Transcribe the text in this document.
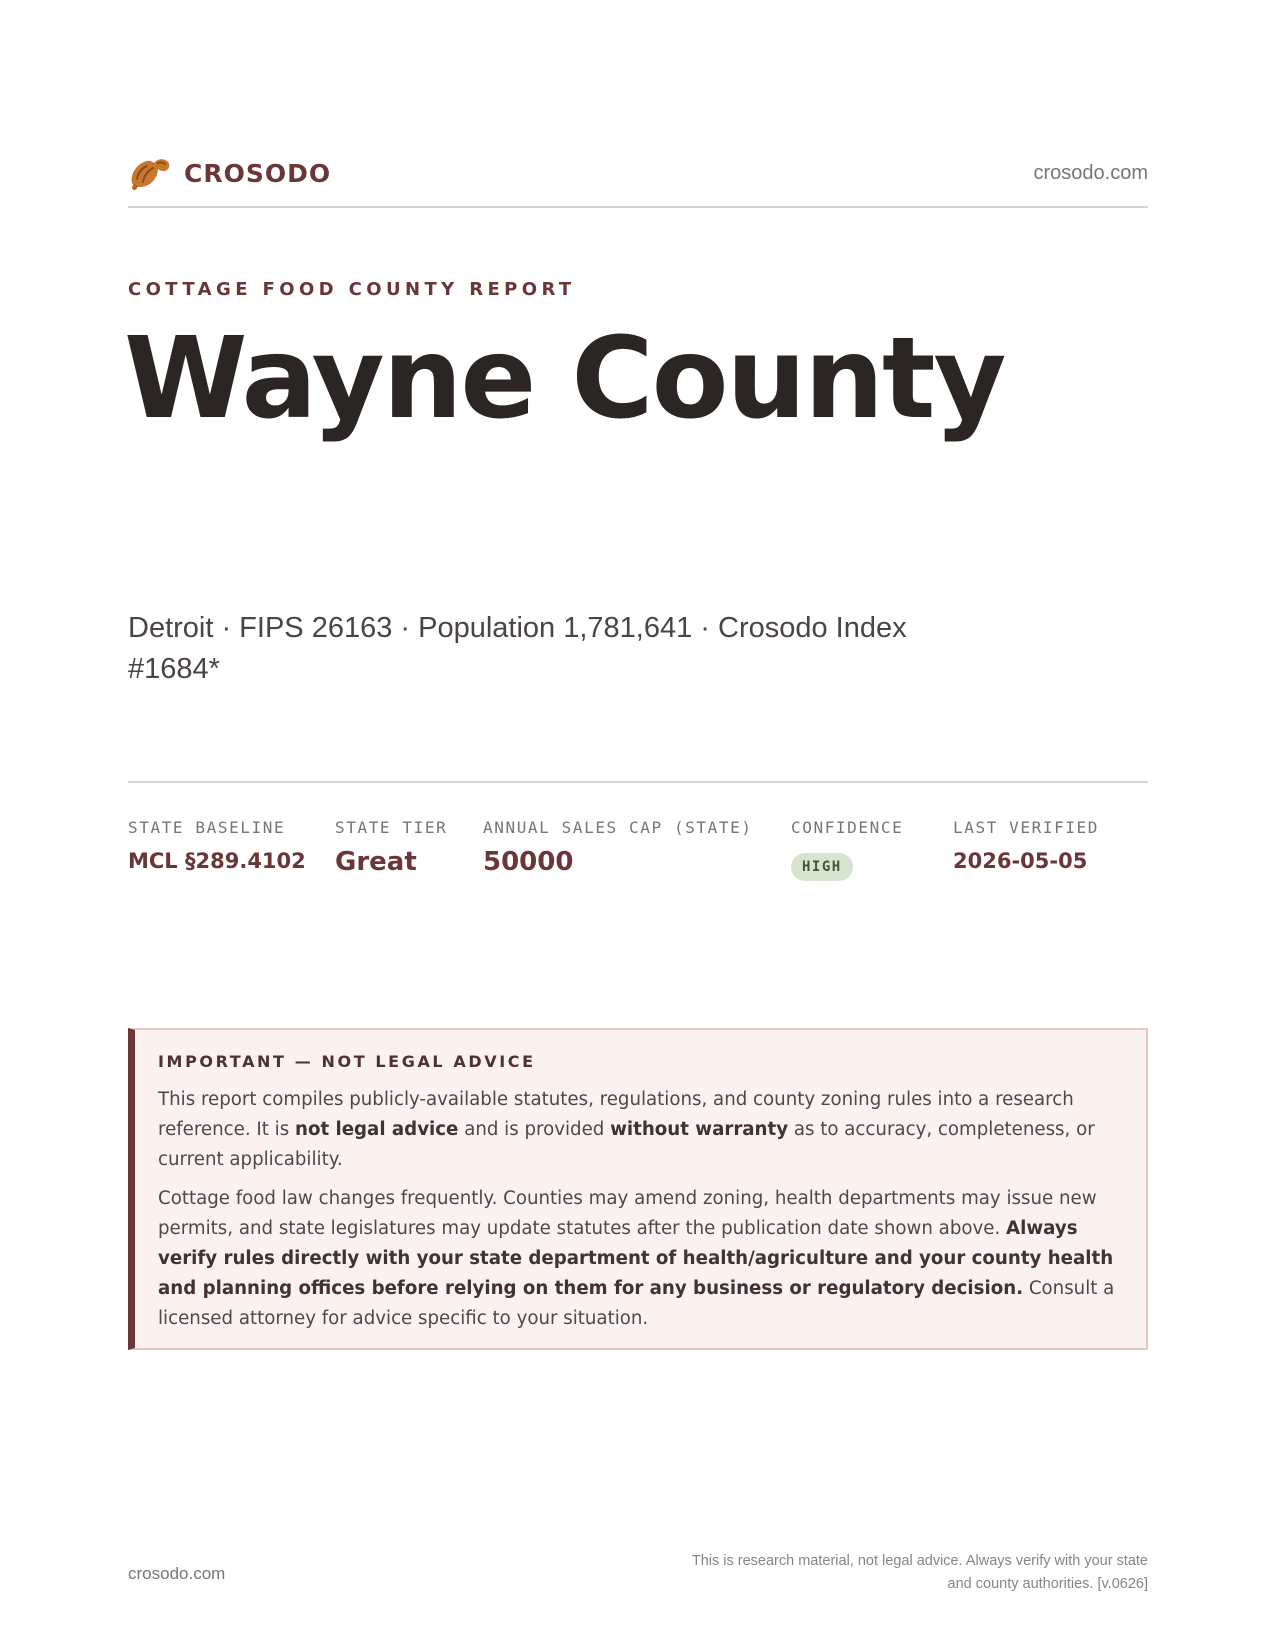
CROSODO	crosodo.com
COTTAGE FOOD COUNTY REPORT
Wayne County
Detroit · FIPS 26163 · Population 1,781,641 · Crosodo Index #1684*
STATE BASELINE
MCL §289.4102
STATE TIER
Great
ANNUAL SALES CAP (STATE)
50000
CONFIDENCE
HIGH
LAST VERIFIED
2026-05-05
IMPORTANT — NOT LEGAL ADVICE

This report compiles publicly-available statutes, regulations, and county zoning rules into a research reference. It is not legal advice and is provided without warranty as to accuracy, completeness, or current applicability.

Cottage food law changes frequently. Counties may amend zoning, health departments may issue new permits, and state legislatures may update statutes after the publication date shown above. Always verify rules directly with your state department of health/agriculture and your county health and planning offices before relying on them for any business or regulatory decision. Consult a licensed attorney for advice specific to your situation.

crosodo.com
This is research material, not legal advice. Always verify with your state
and county authorities. [v.0626]
